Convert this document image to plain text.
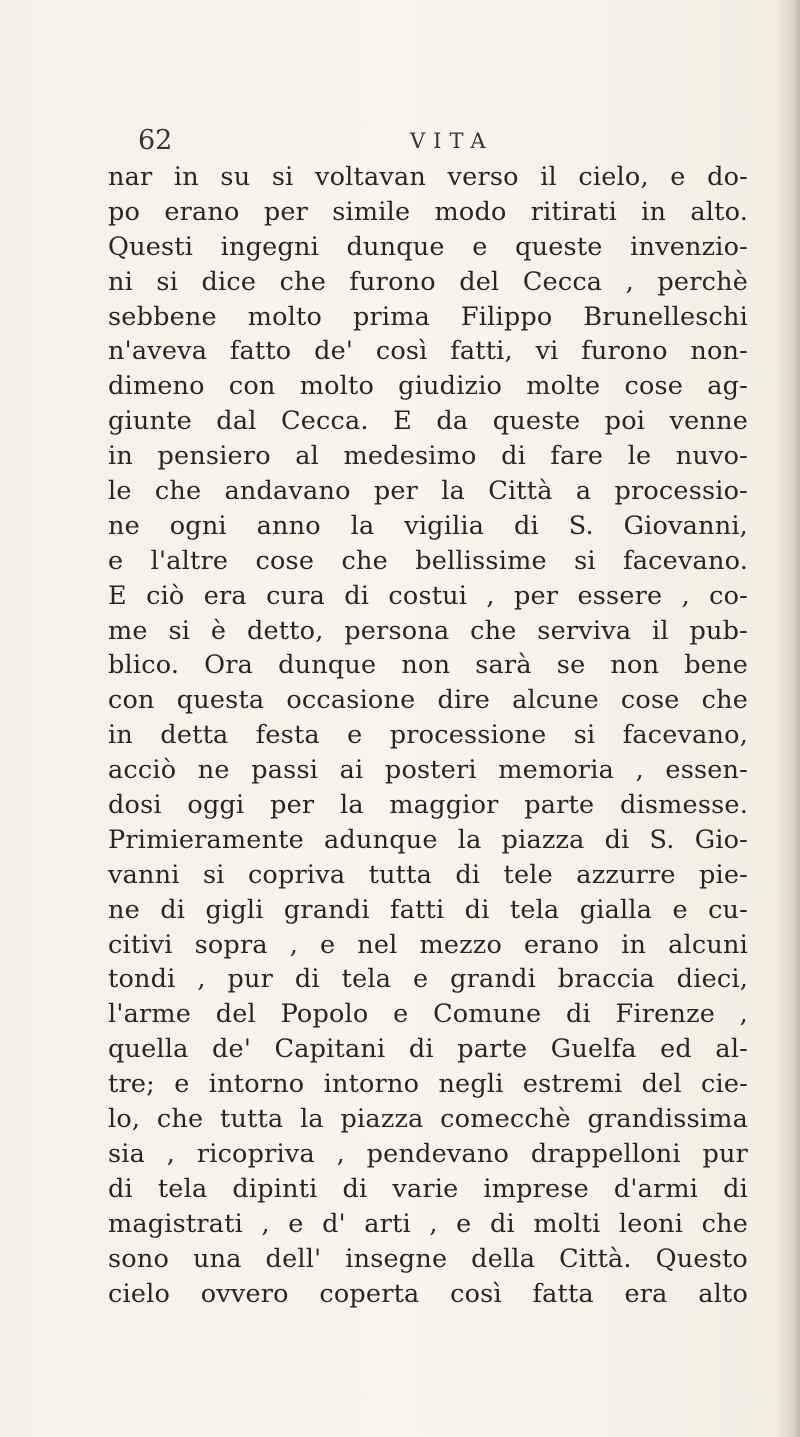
62	VITA
nar in su si voltavan verso il cielo, e do-
po erano per simile modo ritirati in alto.
Questi ingegni dunque e queste invenzio-
ni si dice che furono del Cecca , perchè
sebbene molto prima Filippo Brunelleschi
n'aveva fatto de' così fatti, vi furono non-
dimeno con molto giudizio molte cose ag-
giunte dal Cecca. E da queste poi venne
in pensiero al medesimo di fare le nuvo-
le che andavano per la Città a processio-
ne ogni anno la vigilia di S. Giovanni,
e l'altre cose che bellissime si facevano.
E ciò era cura di costui , per essere , co-
me si è detto, persona che serviva il pub-
blico. Ora dunque non sarà se non bene
con questa occasione dire alcune cose che
in detta festa e processione si facevano,
acciò ne passi ai posteri memoria , essen-
dosi oggi per la maggior parte dismesse.
Primieramente adunque la piazza di S. Gio-
vanni si copriva tutta di tele azzurre pie-
ne di gigli grandi fatti di tela gialla e cu-
citivi sopra , e nel mezzo erano in alcuni
tondi , pur di tela e grandi braccia dieci,
l'arme del Popolo e Comune di Firenze ,
quella de' Capitani di parte Guelfa ed al-
tre; e intorno intorno negli estremi del cie-
lo, che tutta la piazza comecchè grandissima
sia , ricopriva , pendevano drappelloni pur
di tela dipinti di varie imprese d'armi di
magistrati , e d' arti , e di molti leoni che
sono una dell' insegne della Città. Questo
cielo ovvero coperta così fatta era alto
